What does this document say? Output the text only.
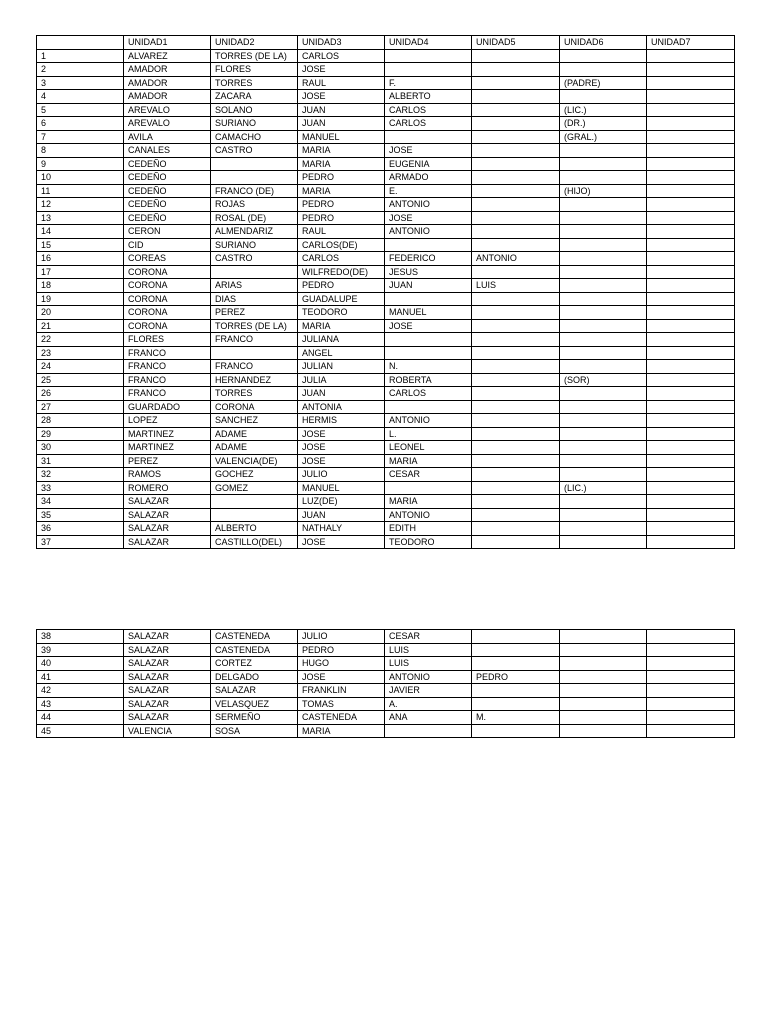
	UNIDAD1	UNIDAD2	UNIDAD3	UNIDAD4	UNIDAD5	UNIDAD6	UNIDAD7
1	ALVAREZ	TORRES (DE LA)	CARLOS				
2	AMADOR	FLORES	JOSE				
3	AMADOR	TORRES	RAUL	F.		(PADRE)	
4	AMADOR	ZACARA	JOSE	ALBERTO			
5	AREVALO	SOLANO	JUAN	CARLOS		(LIC.)	
6	AREVALO	SURIANO	JUAN	CARLOS		(DR.)	
7	AVILA	CAMACHO	MANUEL			(GRAL.)	
8	CANALES	CASTRO	MARIA	JOSE			
9	CEDEÑO		MARIA	EUGENIA			
10	CEDEÑO		PEDRO	ARMADO			
11	CEDEÑO	FRANCO (DE)	MARIA	E.		(HIJO)	
12	CEDEÑO	ROJAS	PEDRO	ANTONIO			
13	CEDEÑO	ROSAL (DE)	PEDRO	JOSE			
14	CERON	ALMENDARIZ	RAUL	ANTONIO			
15	CID	SURIANO	CARLOS(DE)				
16	COREAS	CASTRO	CARLOS	FEDERICO	ANTONIO		
17	CORONA		WILFREDO(DE)	JESUS			
18	CORONA	ARIAS	PEDRO	JUAN	LUIS		
19	CORONA	DIAS	GUADALUPE				
20	CORONA	PEREZ	TEODORO	MANUEL			
21	CORONA	TORRES (DE LA)	MARIA	JOSE			
22	FLORES	FRANCO	JULIANA				
23	FRANCO		ANGEL				
24	FRANCO	FRANCO	JULIAN	N.			
25	FRANCO	HERNANDEZ	JULIA	ROBERTA		(SOR)	
26	FRANCO	TORRES	JUAN	CARLOS			
27	GUARDADO	CORONA	ANTONIA				
28	LOPEZ	SANCHEZ	HERMIS	ANTONIO			
29	MARTINEZ	ADAME	JOSE	L.			
30	MARTINEZ	ADAME	JOSE	LEONEL			
31	PEREZ	VALENCIA(DE)	JOSE	MARIA			
32	RAMOS	GOCHEZ	JULIO	CESAR			
33	ROMERO	GOMEZ	MANUEL			(LIC.)	
34	SALAZAR		LUZ(DE)	MARIA			
35	SALAZAR		JUAN	ANTONIO			
36	SALAZAR	ALBERTO	NATHALY	EDITH			
37	SALAZAR	CASTILLO(DEL)	JOSE	TEODORO			
38	SALAZAR	CASTENEDA	JULIO	CESAR			
39	SALAZAR	CASTENEDA	PEDRO	LUIS			
40	SALAZAR	CORTEZ	HUGO	LUIS			
41	SALAZAR	DELGADO	JOSE	ANTONIO	PEDRO		
42	SALAZAR	SALAZAR	FRANKLIN	JAVIER			
43	SALAZAR	VELASQUEZ	TOMAS	A.			
44	SALAZAR	SERMEÑO	CASTENEDA	ANA	M.		
45	VALENCIA	SOSA	MARIA				
